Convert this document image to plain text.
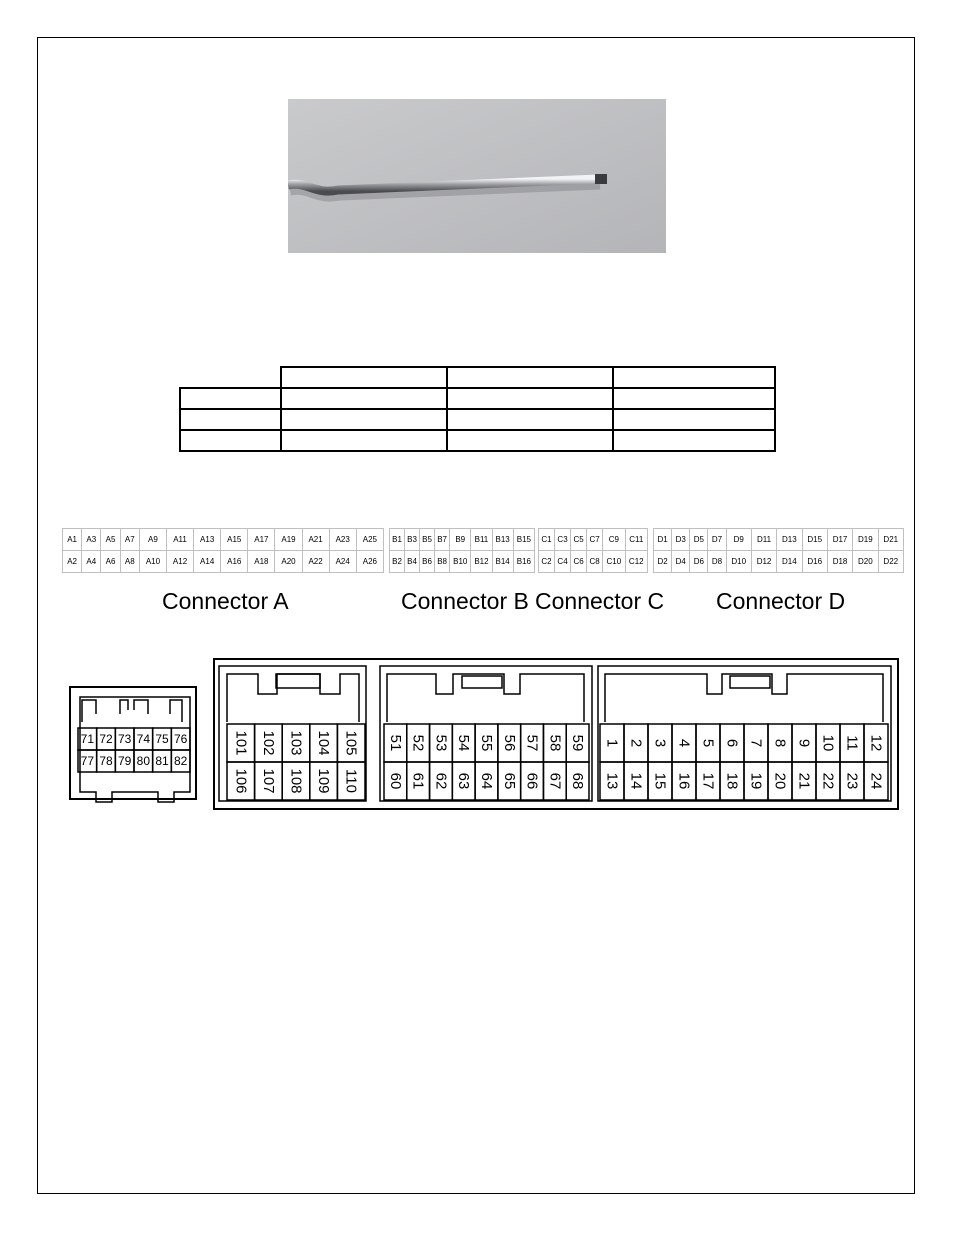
A1	A3	A5	A7	A9	A11	A13	A15	A17	A19	A21	A23	A25
A2	A4	A6	A8	A10	A12	A14	A16	A18	A20	A22	A24	A26
B1	B3	B5	B7	B9	B11	B13	B15
B2	B4	B6	B8	B10	B12	B14	B16
C1	C3	C5	C7	C9	C11
C2	C4	C6	C8	C10	C12
D1	D3	D5	D7	D9	D11	D13	D15	D17	D19	D21
D2	D4	D6	D8	D10	D12	D14	D16	D18	D20	D22
Connector A	Connector B Connector C Connector D
71 72 73 74 75 76
77 78 79 80 81 82
101 102 103 104 105
106 107 108 109 110
51 52 53 54 55 56 57 58 59
60 61 62 63 64 65 66 67 68
1 2 3 4 5 6 7 8 9 10 11 12
13 14 15 16 17 18 19 20 21 22 23 24
